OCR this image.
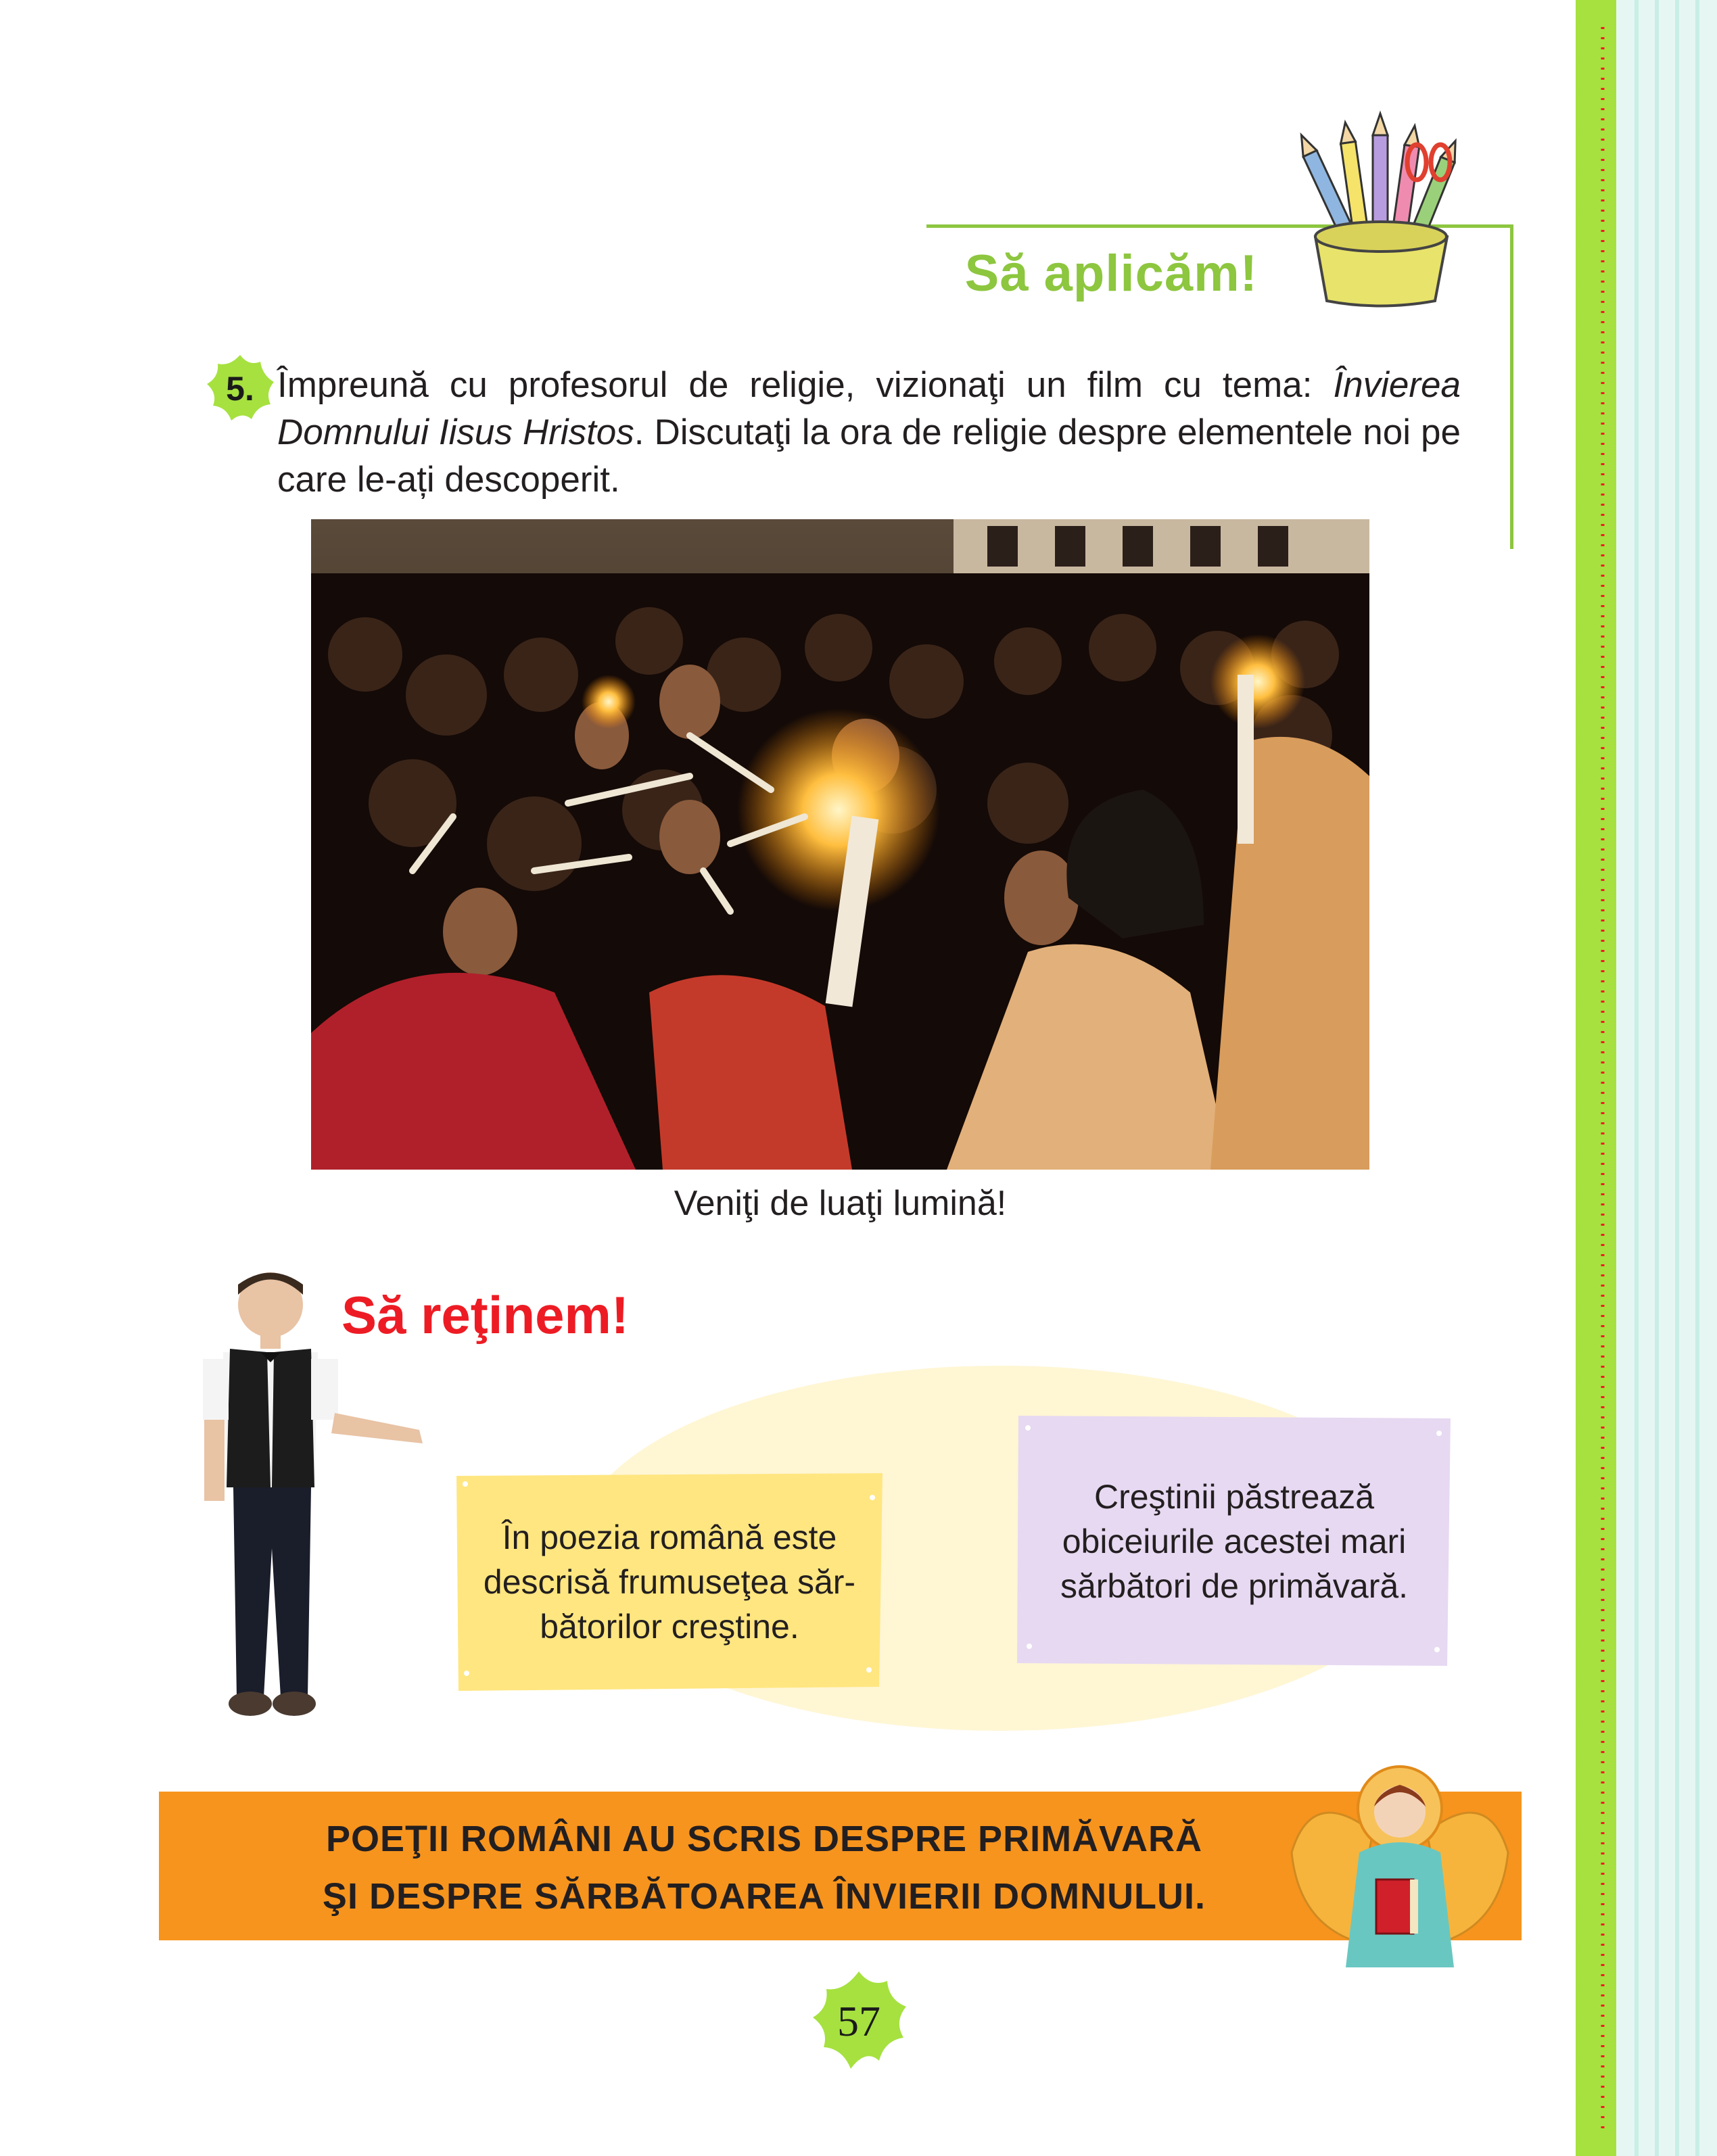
Să aplicăm!
5. Împreună cu profesorul de religie, vizionaţi un film cu tema: Învierea Domnului Iisus Hristos. Discutaţi la ora de religie despre elementele noi pe care le-ați descoperit.
Veniţi de luaţi lumină!
Să reţinem!
În poezia română este descrisă frumuseţea săr-bătorilor creştine.
Creştinii păstrează obiceiurile acestei mari sărbători de primăvară.
POEŢII ROMÂNI AU SCRIS DESPRE PRIMĂVARĂ
ŞI DESPRE SĂRBĂTOAREA ÎNVIERII DOMNULUI.
57
